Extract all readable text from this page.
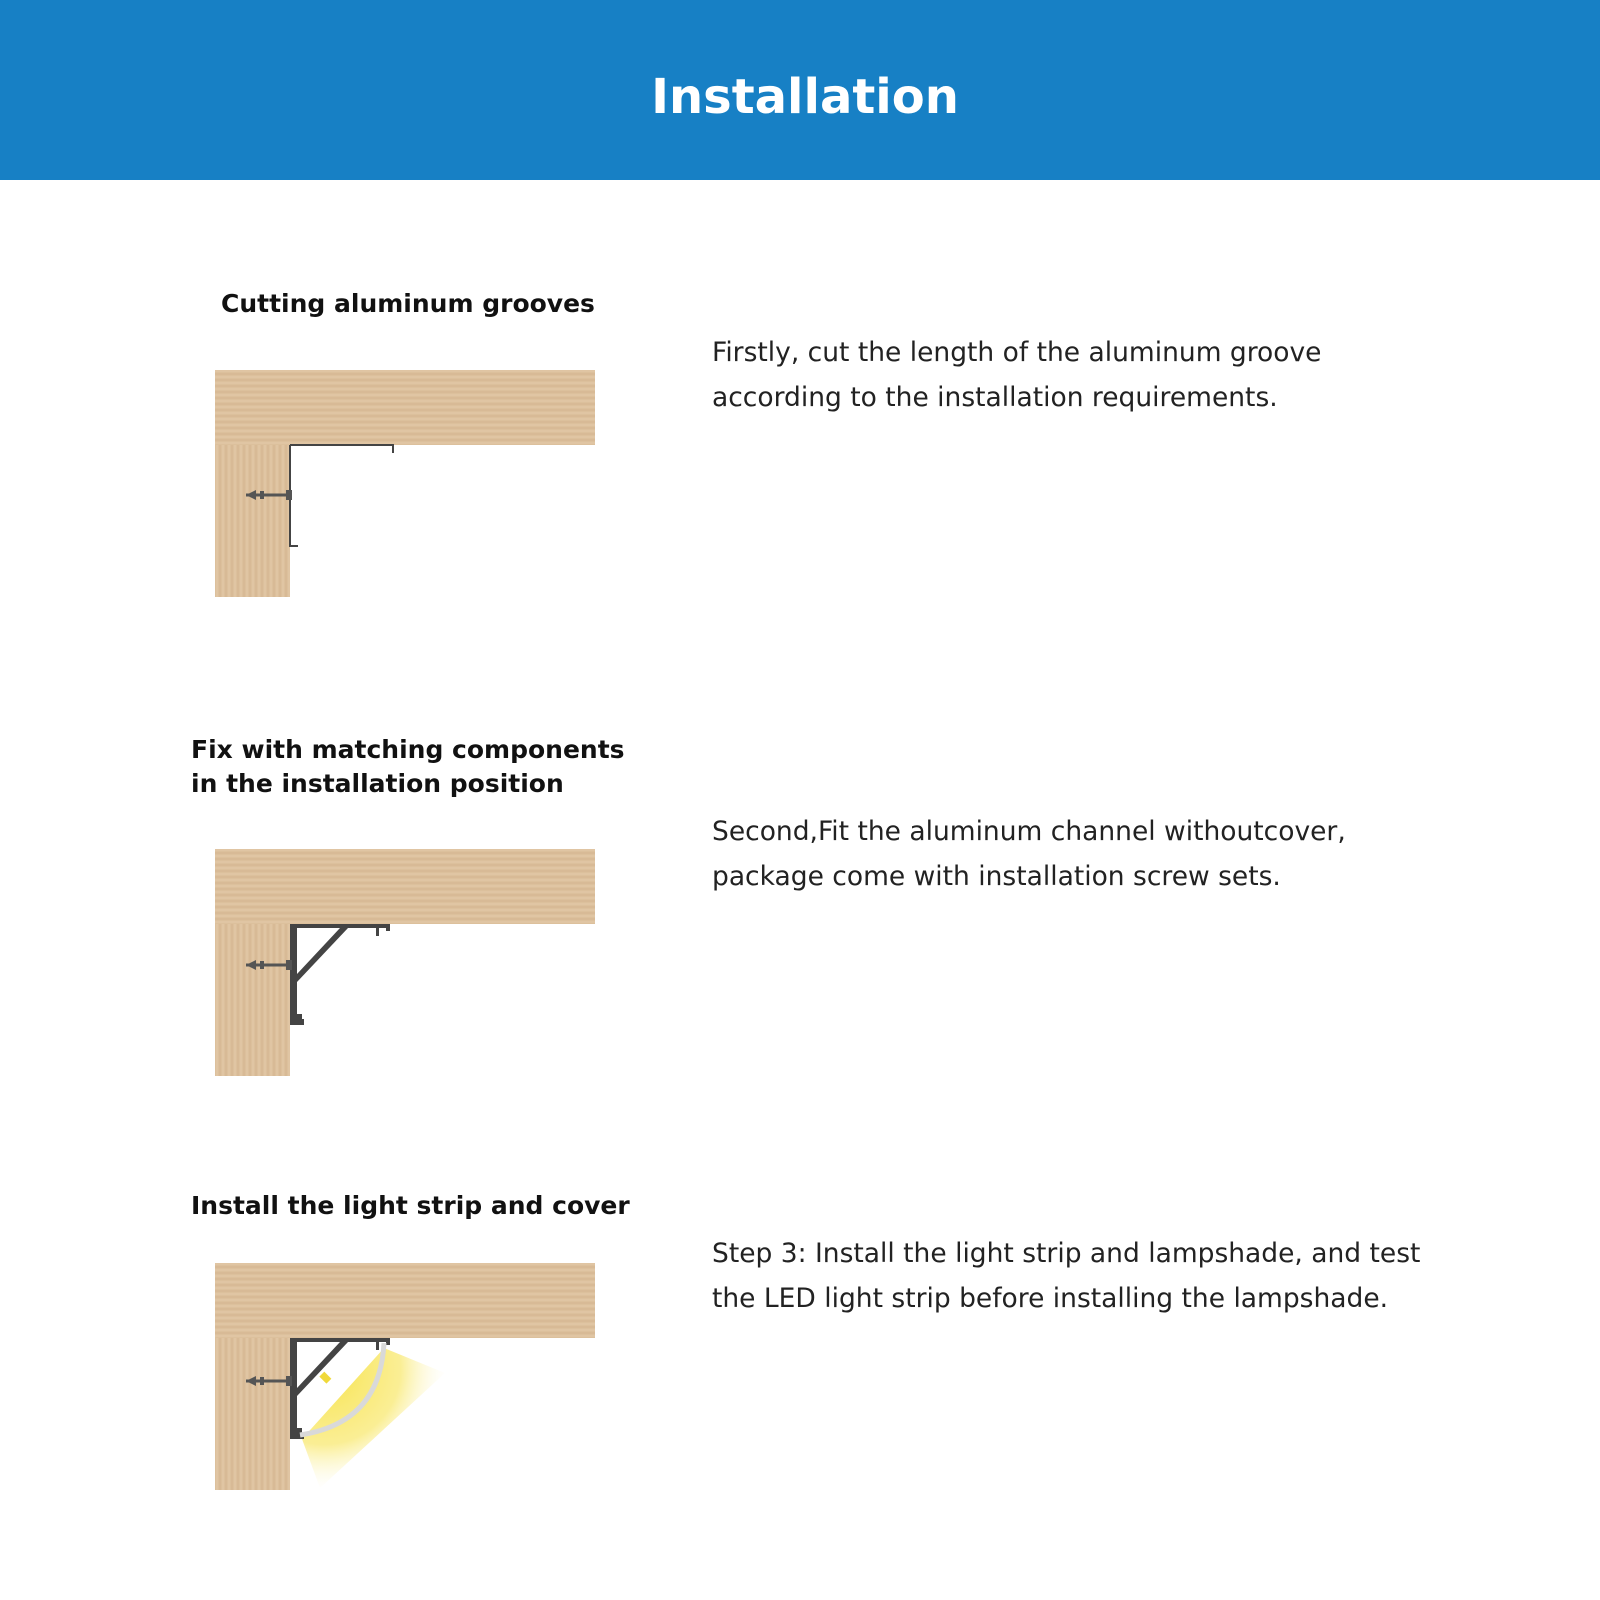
Installation
Cutting aluminum grooves
Firstly, cut the length of the aluminum groove
according to the installation requirements.
Fix with matching components
in the installation position
Second,Fit the aluminum channel withoutcover,
package come with installation screw sets.
Install the light strip and cover
Step 3: Install the light strip and lampshade, and test
the LED light strip before installing the lampshade.
